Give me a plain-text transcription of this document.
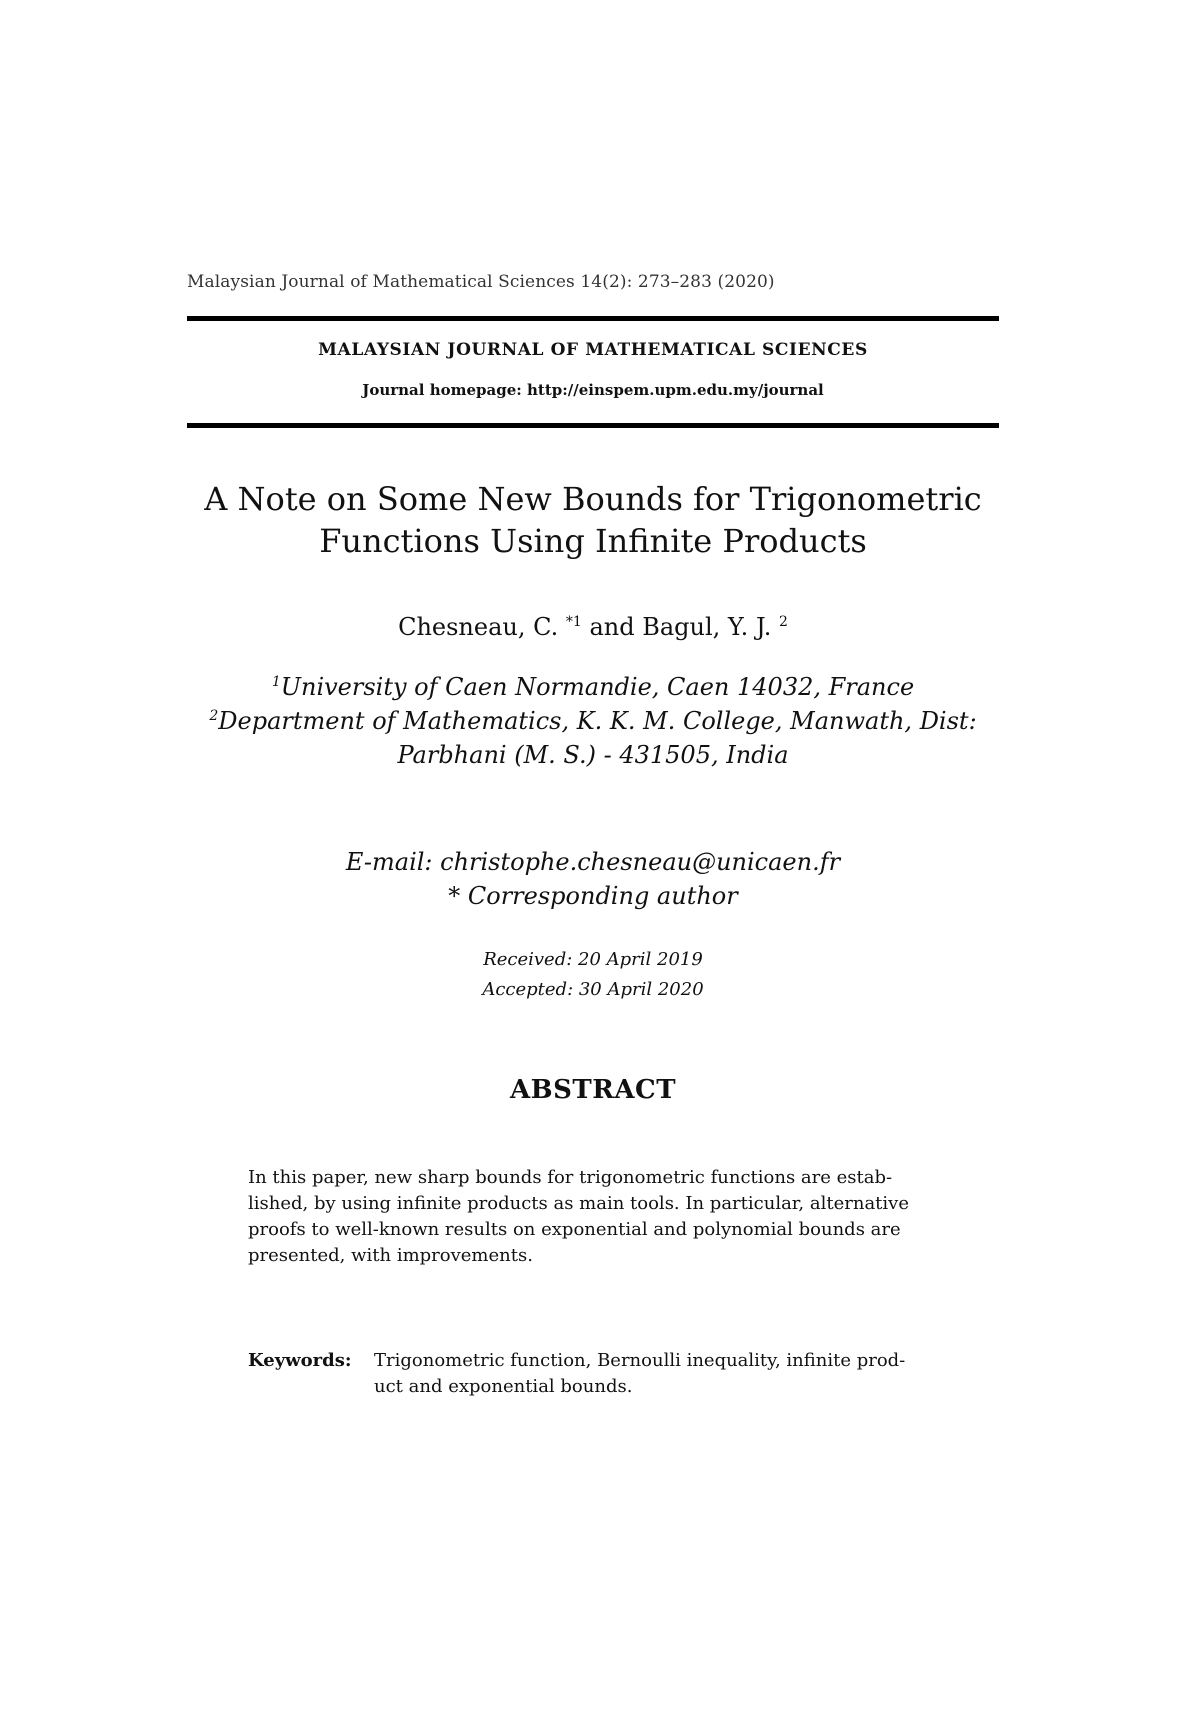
Malaysian Journal of Mathematical Sciences 14(2): 273–283 (2020)
MALAYSIAN JOURNAL OF MATHEMATICAL SCIENCES
Journal homepage: http://einspem.upm.edu.my/journal
A Note on Some New Bounds for Trigonometric
Functions Using Infinite Products
Chesneau, C. $^{*1}$ and Bagul, Y. J. $^2$
$^1$University of Caen Normandie, Caen 14032, France
$^2$Department of Mathematics, K. K. M. College, Manwath, Dist:
Parbhani (M. S.) - 431505, India
E-mail: christophe.chesneau@unicaen.fr
* Corresponding author
Received: 20 April 2019
Accepted: 30 April 2020
ABSTRACT
In this paper, new sharp bounds for trigonometric functions are estab-
lished, by using infinite products as main tools. In particular, alternative
proofs to well-known results on exponential and polynomial bounds are
presented, with improvements.
Keywords: Trigonometric function, Bernoulli inequality, infinite prod-
uct and exponential bounds.
